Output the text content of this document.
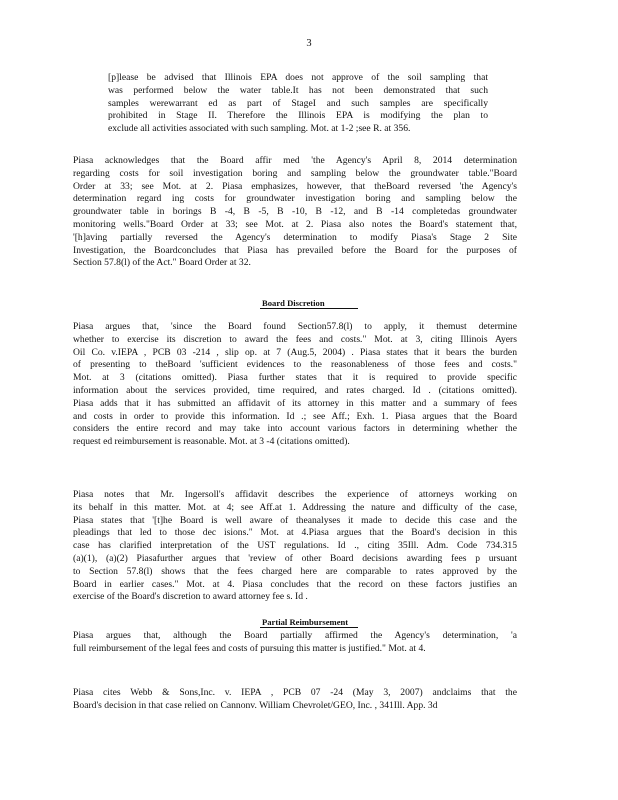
3
[p]lease be advised that Illinois EPA does not approve of the soil sampling that
was performed below the water table.It has not been demonstrated that such
samples werewarrant ed as part of StageI and such samples are specifically
prohibited in Stage II. Therefore the Illinois EPA is modifying the plan to
exclude all activities associated with such sampling. Mot. at 1-2 ;see R. at 356.
Piasa acknowledges that the Board affir med 'the Agency's April 8, 2014 determination
regarding costs for soil investigation boring and sampling below the groundwater table."Board
Order at 33; see Mot. at 2. Piasa emphasizes, however, that theBoard reversed 'the Agency's
determination regard ing costs for groundwater investigation boring and sampling below the
groundwater table in borings B -4, B -5, B -10, B -12, and B -14 completedas groundwater
monitoring wells."Board Order at 33; see Mot. at 2. Piasa also notes the Board's statement that,
'[h]aving partially reversed the Agency's determination to modify Piasa's Stage 2 Site
Investigation, the Boardconcludes that Piasa has prevailed before the Board for the purposes of
Section 57.8(l) of the Act." Board Order at 32.
Board Discretion
Piasa argues that, 'since the Board found Section57.8(l) to apply, it themust determine
whether to exercise its discretion to award the fees and costs." Mot. at 3, citing Illinois Ayers
Oil Co. v.IEPA , PCB 03 -214 , slip op. at 7 (Aug.5, 2004) . Piasa states that it bears the burden
of presenting to theBoard 'sufficient evidences to the reasonableness of those fees and costs."
Mot. at 3 (citations omitted). Piasa further states that it is required to provide specific
information about the services provided, time required, and rates charged. Id . (citations omitted).
Piasa adds that it has submitted an affidavit of its attorney in this matter and a summary of fees
and costs in order to provide this information. Id .; see Aff.; Exh. 1. Piasa argues that the Board
considers the entire record and may take into account various factors in determining whether the
request ed reimbursement is reasonable. Mot. at 3 -4 (citations omitted).
Piasa notes that Mr. Ingersoll's affidavit describes the experience of attorneys working on
its behalf in this matter. Mot. at 4; see Aff.at 1. Addressing the nature and difficulty of the case,
Piasa states that '[t]he Board is well aware of theanalyses it made to decide this case and the
pleadings that led to those dec isions." Mot. at 4.Piasa argues that the Board's decision in this
case has clarified interpretation of the UST regulations. Id ., citing 35Ill. Adm. Code 734.315
(a)(1), (a)(2) Piasafurther argues that 'review of other Board decisions awarding fees p ursuant
to Section 57.8(l) shows that the fees charged here are comparable to rates approved by the
Board in earlier cases." Mot. at 4. Piasa concludes that the record on these factors justifies an
exercise of the Board's discretion to award attorney fee s. Id .
Partial Reimbursement
Piasa argues that, although the Board partially affirmed the Agency's determination, 'a
full reimbursement of the legal fees and costs of pursuing this matter is justified." Mot. at 4.
Piasa cites Webb & Sons,Inc. v. IEPA , PCB 07 -24 (May 3, 2007) andclaims that the
Board's decision in that case relied on Cannonv. William Chevrolet/GEO, Inc. , 341Ill. App. 3d
